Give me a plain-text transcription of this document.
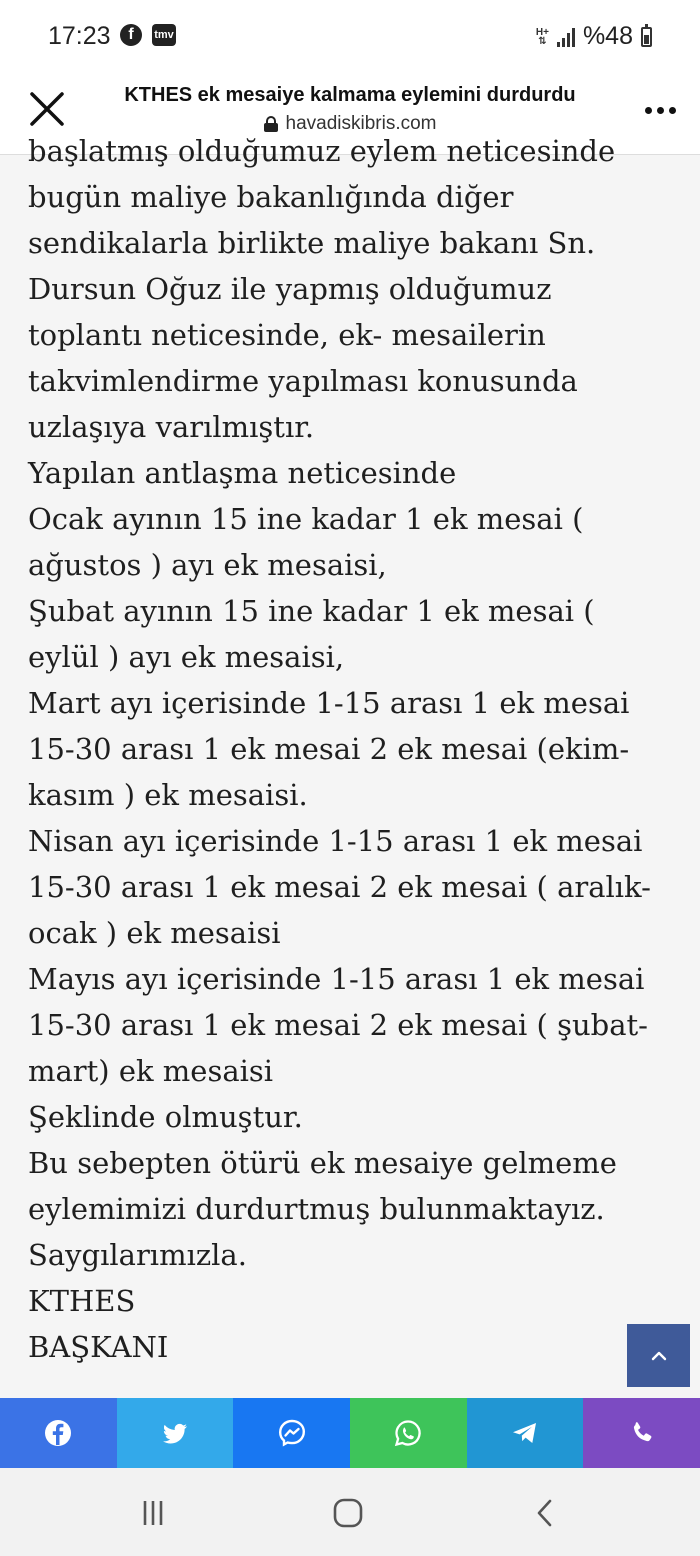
17:23	f	tmv	H+
⇅ %48
KTHES ek mesaiye kalmama eylemini durdurdu
havadiskibris.com
başlatmış olduğumuz eylem neticesinde
bugün maliye bakanlığında diğer
sendikalarla birlikte maliye bakanı Sn.
Dursun Oğuz ile yapmış olduğumuz
toplantı neticesinde, ek- mesailerin
takvimlendirme yapılması konusunda
uzlaşıya varılmıştır.
Yapılan antlaşma neticesinde
Ocak ayının 15 ine kadar 1 ek mesai (
ağustos ) ayı ek mesaisi,
Şubat ayının 15 ine kadar 1 ek mesai (
eylül ) ayı ek mesaisi,
Mart ayı içerisinde 1-15 arası 1 ek mesai
15-30 arası 1 ek mesai 2 ek mesai (ekim-
kasım ) ek mesaisi.
Nisan ayı içerisinde 1-15 arası 1 ek mesai
15-30 arası 1 ek mesai 2 ek mesai ( aralık-
ocak ) ek mesaisi
Mayıs ayı içerisinde 1-15 arası 1 ek mesai
15-30 arası 1 ek mesai 2 ek mesai ( şubat-
mart) ek mesaisi
Şeklinde olmuştur.
Bu sebepten ötürü ek mesaiye gelmeme
eylemimizi durdurtmuş bulunmaktayız.
Saygılarımızla.
KTHES
BAŞKANI
